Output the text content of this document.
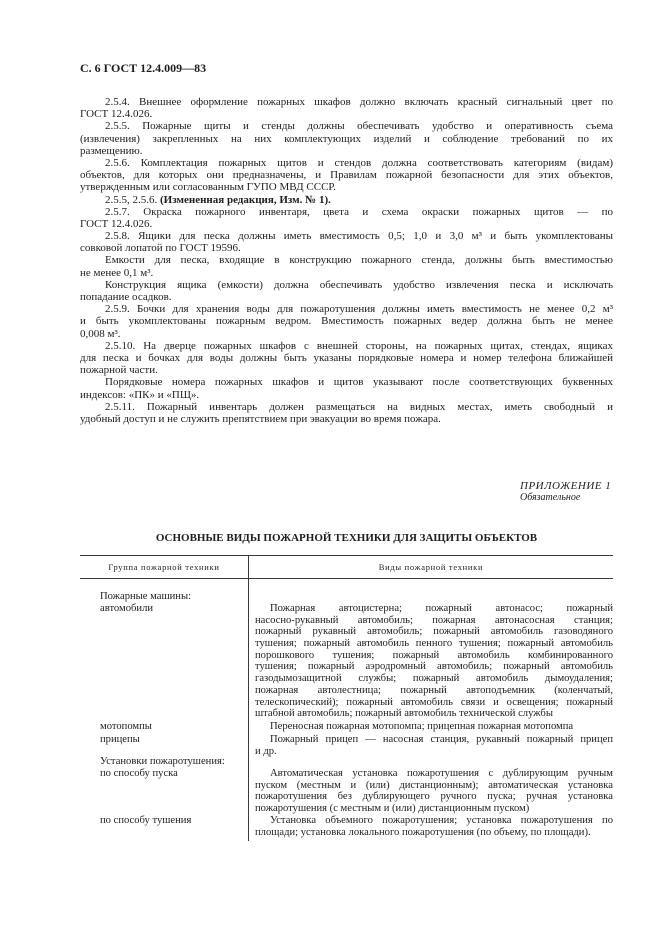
С. 6 ГОСТ 12.4.009—83
2.5.4. Внешнее оформление пожарных шкафов должно включать красный сигнальный цвет по
ГОСТ 12.4.026.
2.5.5. Пожарные щиты и стенды должны обеспечивать удобство и оперативность съема
(извлечения) закрепленных на них комплектующих изделий и соблюдение требований по их
размещению.
2.5.6. Комплектация пожарных щитов и стендов должна соответствовать категориям (видам)
объектов, для которых они предназначены, и Правилам пожарной безопасности для этих объектов,
утвержденным или согласованным ГУПО МВД СССР.
2.5.5, 2.5.6. (Измененная редакция, Изм. № 1).
2.5.7. Окраска пожарного инвентаря, цвета и схема окраски пожарных щитов — по
ГОСТ 12.4.026.
2.5.8. Ящики для песка должны иметь вместимость 0,5; 1,0 и 3,0 м³ и быть укомплектованы
совковой лопатой по ГОСТ 19596.
Емкости для песка, входящие в конструкцию пожарного стенда, должны быть вместимостью
не менее 0,1 м³.
Конструкция ящика (емкости) должна обеспечивать удобство извлечения песка и исключать
попадание осадков.
2.5.9. Бочки для хранения воды для пожаротушения должны иметь вместимость не менее 0,2 м³
и быть укомплектованы пожарным ведром. Вместимость пожарных ведер должна быть не менее
0,008 м³.
2.5.10. На дверце пожарных шкафов с внешней стороны, на пожарных щитах, стендах, ящиках
для песка и бочках для воды должны быть указаны порядковые номера и номер телефона ближайшей
пожарной части.
Порядковые номера пожарных шкафов и щитов указывают после соответствующих буквенных
индексов: «ПК» и «ПЩ».
2.5.11. Пожарный инвентарь должен размещаться на видных местах, иметь свободный и
удобный доступ и не служить препятствием при эвакуации во время пожара.
ПРИЛОЖЕНИЕ 1
Обязательное
ОСНОВНЫЕ ВИДЫ ПОЖАРНОЙ ТЕХНИКИ ДЛЯ ЗАЩИТЫ ОБЪЕКТОВ
Группа пожарной техники	Виды пожарной техники
Пожарные машины:
автомобили	Пожарная автоцистерна; пожарный автонасос; пожарный
насосно-рукавный автомобиль; пожарная автонасосная станция;
пожарный рукавный автомобиль; пожарный автомобиль газоводяного
тушения; пожарный автомобиль пенного тушения; пожарный автомобиль
порошкового тушения; пожарный автомобиль комбинированного
тушения; пожарный аэродромный автомобиль; пожарный автомобиль
газодымозащитной службы; пожарный автомобиль дымоудаления;
пожарная автолестница; пожарный автоподъемник (коленчатый,
телескопический); пожарный автомобиль связи и освещения; пожарный
штабной автомобиль; пожарный автомобиль технической службы
мотопомпы	Переносная пожарная мотопомпа; прицепная пожарная мотопомпа
прицепы	Пожарный прицеп — насосная станция, рукавный пожарный прицеп
и др.
Установки пожаротушения:
по способу пуска	Автоматическая установка пожаротушения с дублирующим ручным
пуском (местным и (или) дистанционным); автоматическая установка
пожаротушения без дублирующего ручного пуска; ручная установка
пожаротушения (с местным и (или) дистанционным пуском)
по способу тушения	Установка объемного пожаротушения; установка пожаротушения по
площади; установка локального пожаротушения (по объему, по площади).
